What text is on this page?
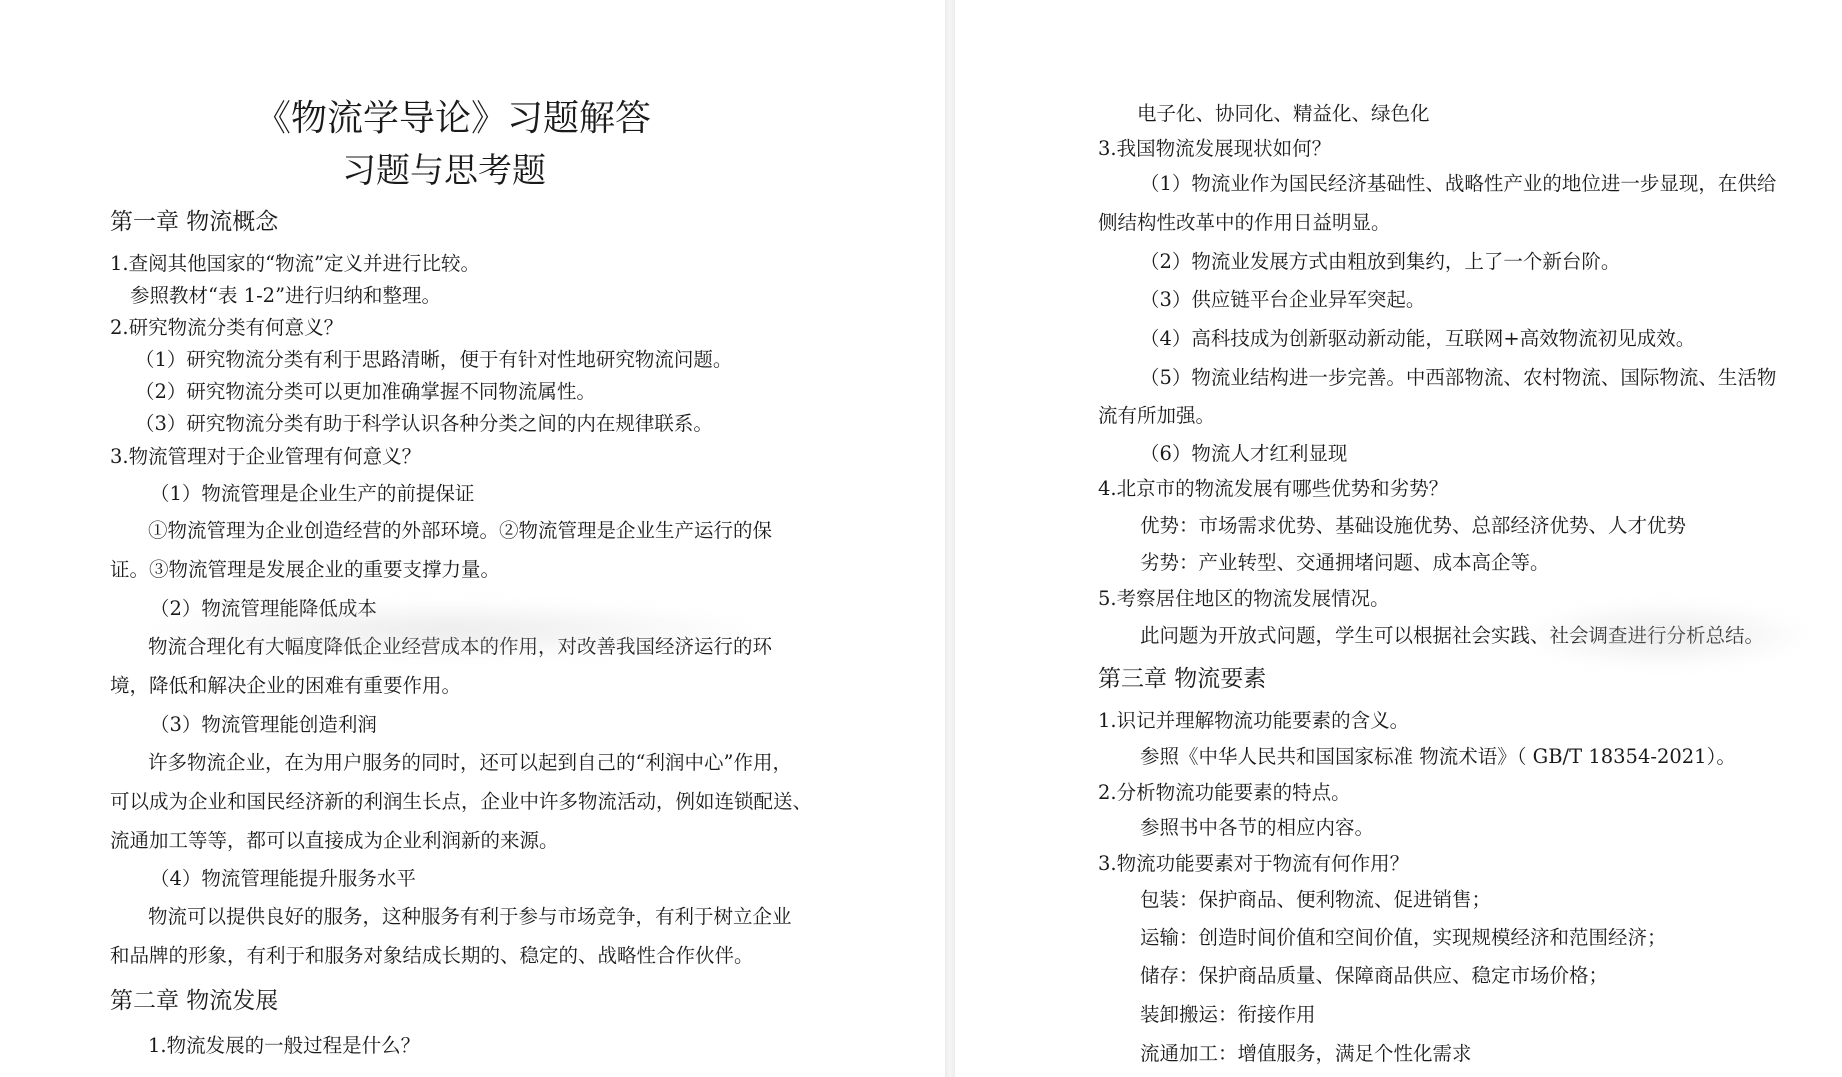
《物流学导论》习题解答
习题与思考题
第一章 物流概念
1.查阅其他国家的“物流”定义并进行比较。
参照教材“表 1-2”进行归纳和整理。
2.研究物流分类有何意义？
（1）研究物流分类有利于思路清晰，便于有针对性地研究物流问题。
（2）研究物流分类可以更加准确掌握不同物流属性。
（3）研究物流分类有助于科学认识各种分类之间的内在规律联系。
3.物流管理对于企业管理有何意义？
（1）物流管理是企业生产的前提保证
①物流管理为企业创造经营的外部环境。②物流管理是企业生产运行的保
证。③物流管理是发展企业的重要支撑力量。
（2）物流管理能降低成本
物流合理化有大幅度降低企业经营成本的作用，对改善我国经济运行的环
境，降低和解决企业的困难有重要作用。
（3）物流管理能创造利润
许多物流企业，在为用户服务的同时，还可以起到自己的“利润中心”作用，
可以成为企业和国民经济新的利润生长点，企业中许多物流活动，例如连锁配送、
流通加工等等，都可以直接成为企业利润新的来源。
（4）物流管理能提升服务水平
物流可以提供良好的服务，这种服务有利于参与市场竞争，有利于树立企业
和品牌的形象，有利于和服务对象结成长期的、稳定的、战略性合作伙伴。
第二章 物流发展
1.物流发展的一般过程是什么？
电子化、协同化、精益化、绿色化
3.我国物流发展现状如何？
（1）物流业作为国民经济基础性、战略性产业的地位进一步显现，在供给
侧结构性改革中的作用日益明显。
（2）物流业发展方式由粗放到集约，上了一个新台阶。
（3）供应链平台企业异军突起。
（4）高科技成为创新驱动新动能，互联网+高效物流初见成效。
（5）物流业结构进一步完善。中西部物流、农村物流、国际物流、生活物
流有所加强。
（6）物流人才红利显现
4.北京市的物流发展有哪些优势和劣势？
优势：市场需求优势、基础设施优势、总部经济优势、人才优势
劣势：产业转型、交通拥堵问题、成本高企等。
5.考察居住地区的物流发展情况。
此问题为开放式问题，学生可以根据社会实践、社会调查进行分析总结。
第三章 物流要素
1.识记并理解物流功能要素的含义。
参照《中华人民共和国国家标准 物流术语》（ GB/T 18354-2021）。
2.分析物流功能要素的特点。
参照书中各节的相应内容。
3.物流功能要素对于物流有何作用？
包装：保护商品、便利物流、促进销售；
运输：创造时间价值和空间价值，实现规模经济和范围经济；
储存：保护商品质量、保障商品供应、稳定市场价格；
装卸搬运：衔接作用
流通加工：增值服务，满足个性化需求
